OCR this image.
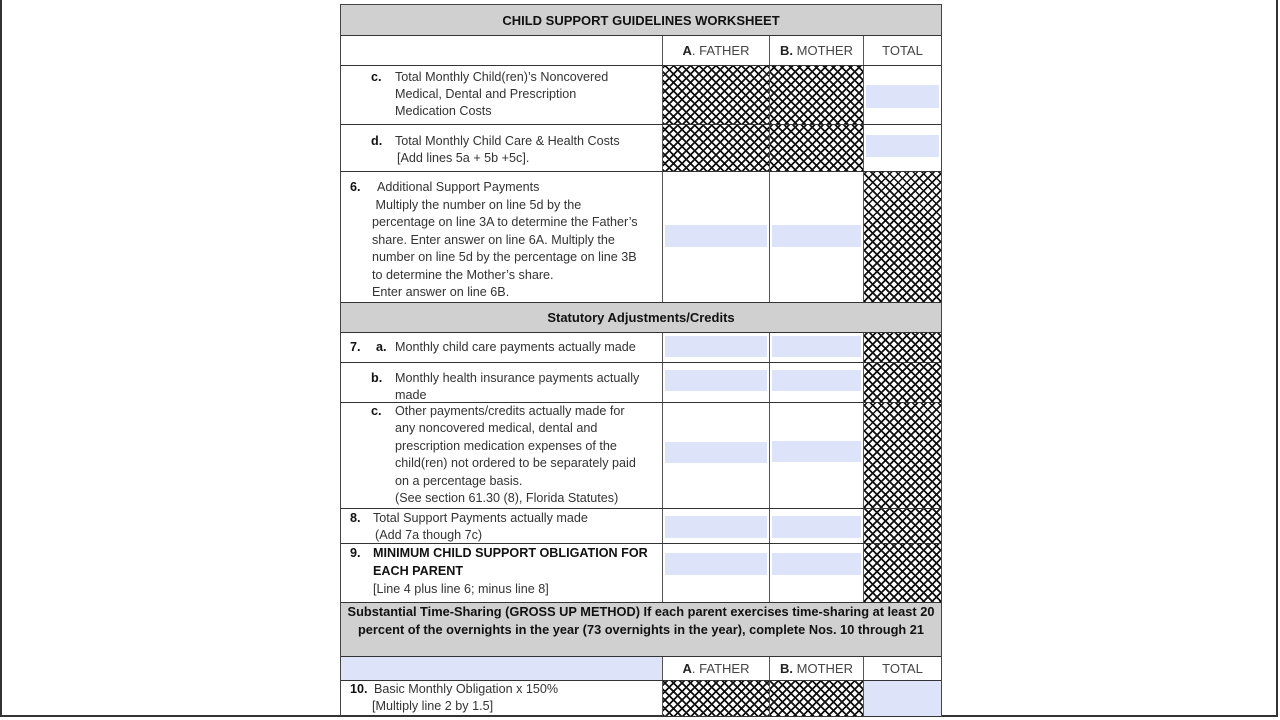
CHILD SUPPORT GUIDELINES WORKSHEET
A . FATHER B. MOTHER TOTAL
c. Total Monthly Child(ren)’s Noncovered
Medical, Dental and Prescription
Medication Costs
d. Total Monthly Child Care & Health Costs
[Add lines 5a + 5b +5c].
6. Additional Support Payments
Multiply the number on line 5d by the
percentage on line 3A to determine the Father’s
share. Enter answer on line 6A. Multiply the
number on line 5d by the percentage on line 3B
to determine the Mother’s share.
Enter answer on line 6B.
Statutory Adjustments/Credits
7. a. Monthly child care payments actually made
b. Monthly health insurance payments actually
made
c. Other payments/credits actually made for
any noncovered medical, dental and
prescription medication expenses of the
child(ren) not ordered to be separately paid
on a percentage basis.
(See section 61.30 (8), Florida Statutes)
8. Total Support Payments actually made
(Add 7a though 7c)
9. MINIMUM CHILD SUPPORT OBLIGATION FOR
EACH PARENT
[Line 4 plus line 6; minus line 8]
Substantial Time-Sharing (GROSS UP METHOD) If each parent exercises time-sharing at least 20
percent of the overnights in the year (73 overnights in the year), complete Nos. 10 through 21
A . FATHER B. MOTHER TOTAL
10. Basic Monthly Obligation x 150%
[Multiply line 2 by 1.5]
